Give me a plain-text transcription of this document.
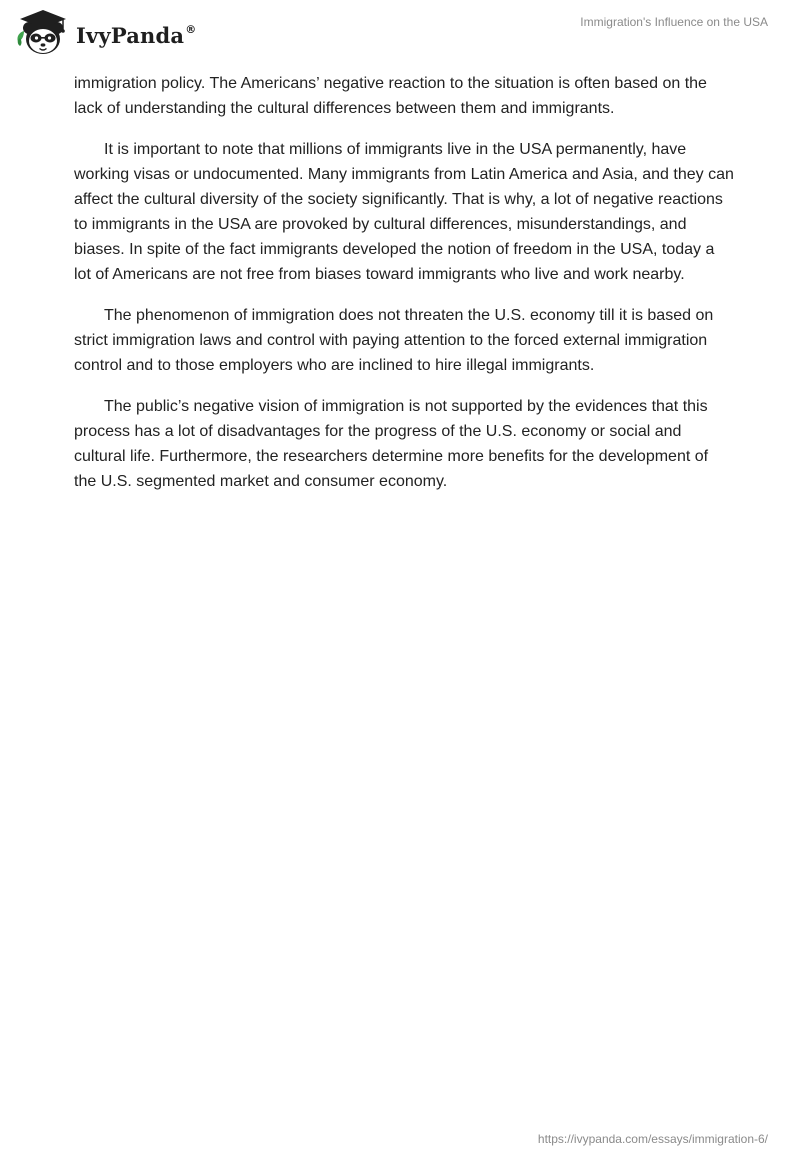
IvyPanda®	Immigration's Influence on the USA

immigration policy. The Americans’ negative reaction to the situation is often based on the lack of understanding the cultural differences between them and immigrants.

It is important to note that millions of immigrants live in the USA permanently, have working visas or undocumented. Many immigrants from Latin America and Asia, and they can affect the cultural diversity of the society significantly. That is why, a lot of negative reactions to immigrants in the USA are provoked by cultural differences, misunderstandings, and biases. In spite of the fact immigrants developed the notion of freedom in the USA, today a lot of Americans are not free from biases toward immigrants who live and work nearby.

The phenomenon of immigration does not threaten the U.S. economy till it is based on strict immigration laws and control with paying attention to the forced external immigration control and to those employers who are inclined to hire illegal immigrants.

The public’s negative vision of immigration is not supported by the evidences that this process has a lot of disadvantages for the progress of the U.S. economy or social and cultural life. Furthermore, the researchers determine more benefits for the development of the U.S. segmented market and consumer economy.

https://ivypanda.com/essays/immigration-6/
